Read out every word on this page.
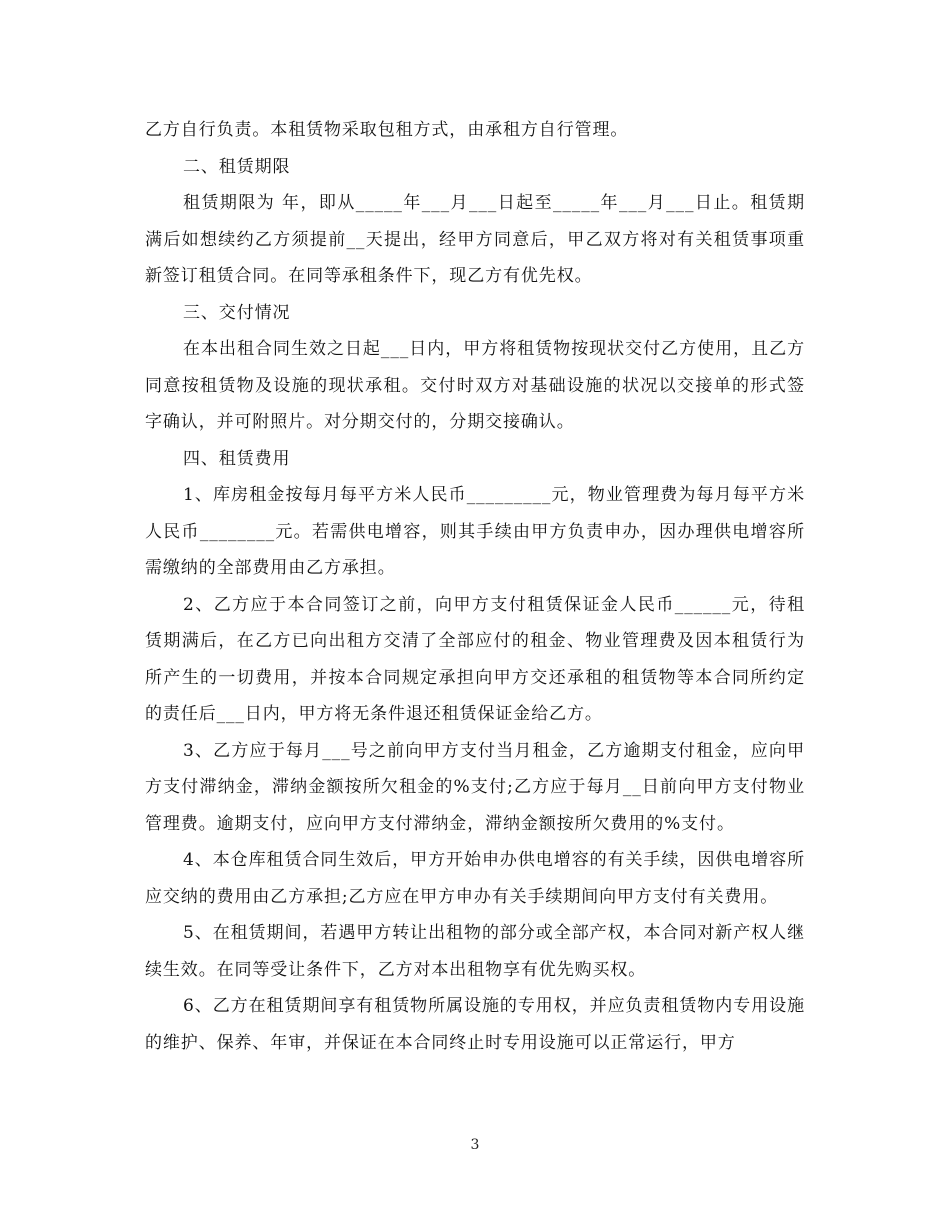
乙方自行负责。本租赁物采取包租方式，由承租方自行管理。

二、租赁期限

租赁期限为 年，即从_____年___月___日起至_____年___月___日止。租赁期满后如想续约乙方须提前__天提出，经甲方同意后，甲乙双方将对有关租赁事项重新签订租赁合同。在同等承租条件下，现乙方有优先权。

三、交付情况

在本出租合同生效之日起___日内，甲方将租赁物按现状交付乙方使用，且乙方同意按租赁物及设施的现状承租。交付时双方对基础设施的状况以交接单的形式签字确认，并可附照片。对分期交付的，分期交接确认。

四、租赁费用

1、库房租金按每月每平方米人民币_________元，物业管理费为每月每平方米人民币________元。若需供电增容，则其手续由甲方负责申办，因办理供电增容所需缴纳的全部费用由乙方承担。

2、乙方应于本合同签订之前，向甲方支付租赁保证金人民币______元，待租赁期满后，在乙方已向出租方交清了全部应付的租金、物业管理费及因本租赁行为所产生的一切费用，并按本合同规定承担向甲方交还承租的租赁物等本合同所约定的责任后___日内，甲方将无条件退还租赁保证金给乙方。

3、乙方应于每月___号之前向甲方支付当月租金，乙方逾期支付租金，应向甲方支付滞纳金，滞纳金额按所欠租金的%支付;乙方应于每月__日前向甲方支付物业管理费。逾期支付，应向甲方支付滞纳金，滞纳金额按所欠费用的%支付。

4、本仓库租赁合同生效后，甲方开始申办供电增容的有关手续，因供电增容所应交纳的费用由乙方承担;乙方应在甲方申办有关手续期间向甲方支付有关费用。

5、在租赁期间，若遇甲方转让出租物的部分或全部产权，本合同对新产权人继续生效。在同等受让条件下，乙方对本出租物享有优先购买权。

6、乙方在租赁期间享有租赁物所属设施的专用权，并应负责租赁物内专用设施的维护、保养、年审，并保证在本合同终止时专用设施可以正常运行，甲方

3
